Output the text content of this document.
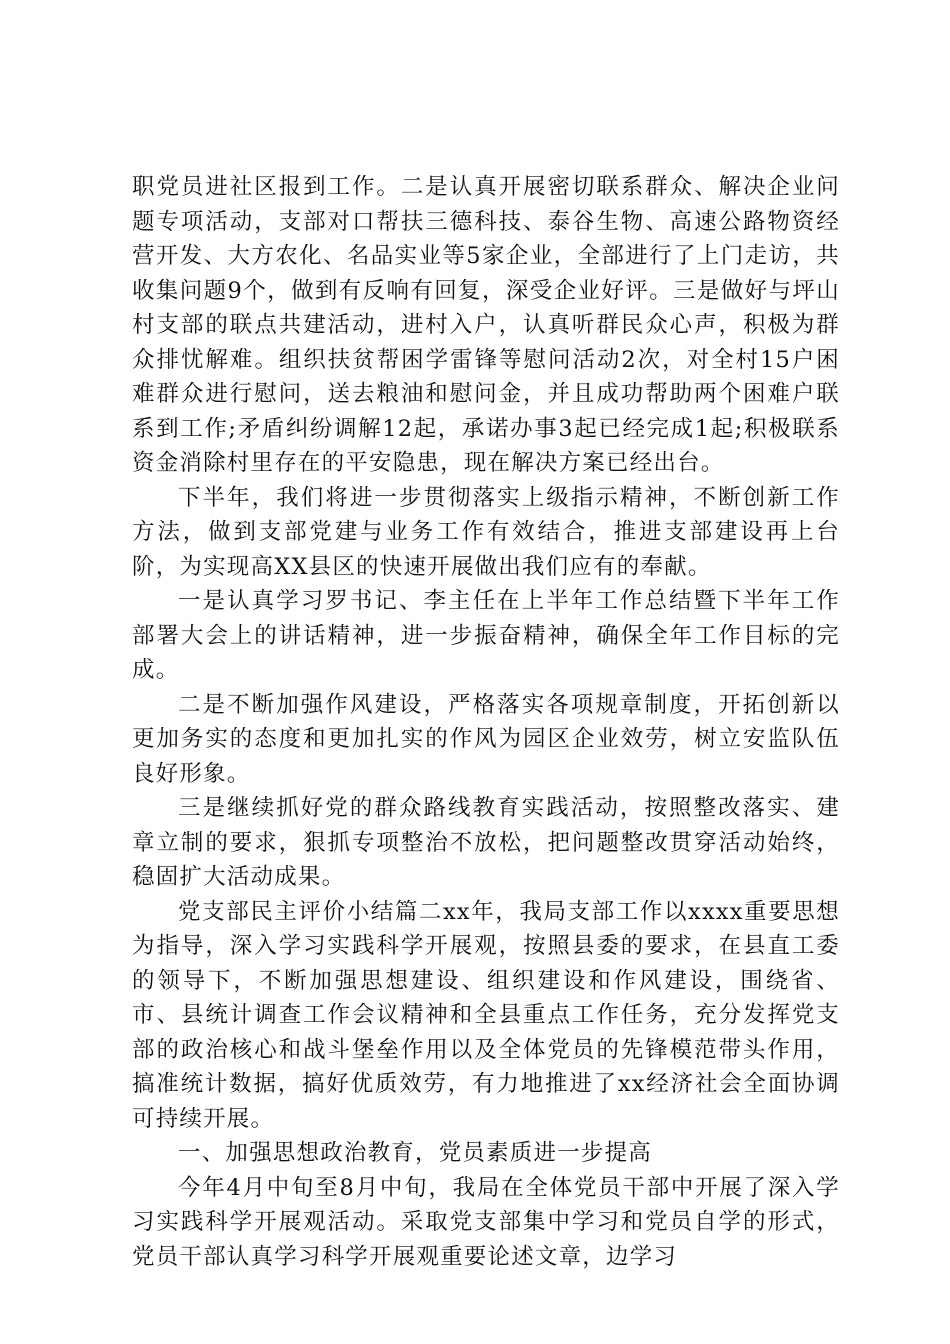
职党员进社区报到工作。二是认真开展密切联系群众、解决企业问题专项活动，支部对口帮扶三德科技、泰谷生物、高速公路物资经营开发、大方农化、名品实业等5家企业，全部进行了上门走访，共收集问题9个，做到有反响有回复，深受企业好评。三是做好与坪山村支部的联点共建活动，进村入户，认真听群民众心声，积极为群众排忧解难。组织扶贫帮困学雷锋等慰问活动2次，对全村15户困难群众进行慰问，送去粮油和慰问金，并且成功帮助两个困难户联系到工作;矛盾纠纷调解12起，承诺办事3起已经完成1起;积极联系资金消除村里存在的平安隐患，现在解决方案已经出台。

下半年，我们将进一步贯彻落实上级指示精神，不断创新工作方法，做到支部党建与业务工作有效结合，推进支部建设再上台阶，为实现高XX县区的快速开展做出我们应有的奉献。

一是认真学习罗书记、李主任在上半年工作总结暨下半年工作部署大会上的讲话精神，进一步振奋精神，确保全年工作目标的完成。

二是不断加强作风建设，严格落实各项规章制度，开拓创新以更加务实的态度和更加扎实的作风为园区企业效劳，树立安监队伍良好形象。

三是继续抓好党的群众路线教育实践活动，按照整改落实、建章立制的要求，狠抓专项整治不放松，把问题整改贯穿活动始终，稳固扩大活动成果。

党支部民主评价小结篇二xx年，我局支部工作以xxxx重要思想为指导，深入学习实践科学开展观，按照县委的要求，在县直工委的领导下，不断加强思想建设、组织建设和作风建设，围绕省、市、县统计调查工作会议精神和全县重点工作任务，充分发挥党支部的政治核心和战斗堡垒作用以及全体党员的先锋模范带头作用，搞准统计数据，搞好优质效劳，有力地推进了xx经济社会全面协调可持续开展。

一、加强思想政治教育，党员素质进一步提高

今年4月中旬至8月中旬，我局在全体党员干部中开展了深入学习实践科学开展观活动。采取党支部集中学习和党员自学的形式，党员干部认真学习科学开展观重要论述文章，边学习
